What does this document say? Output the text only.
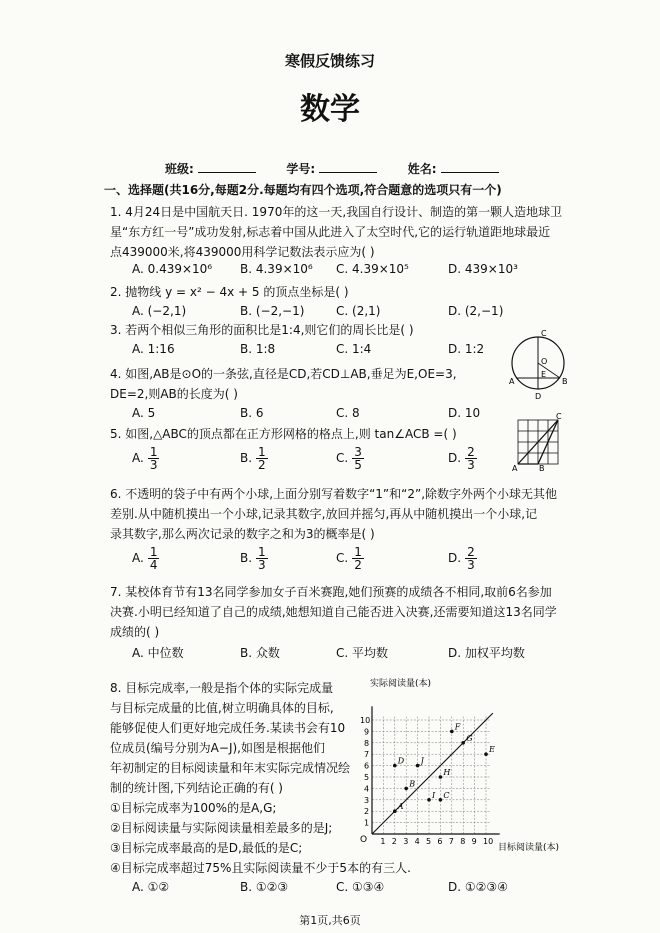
寒假反馈练习
数学
班级:	学号:	姓名:
一、选择题(共16分,每题2分.每题均有四个选项,符合题意的选项只有一个)
1. 4月24日是中国航天日. 1970年的这一天,我国自行设计、制造的第一颗人造地球卫
星“东方红一号”成功发射,标志着中国从此进入了太空时代,它的运行轨道距地球最近
点439000米,将439000用科学记数法表示应为( )
A. 0.439×10⁶ B. 4.39×10⁶ C. 4.39×10⁵	D. 439×10³
2. 抛物线 y = x² − 4x + 5 的顶点坐标是( )
A. (−2,1)	B. (−2,−1)	C. (2,1)	D. (2,−1)
3. 若两个相似三角形的面积比是1:4,则它们的周长比是( )
A. 1:16	B. 1:8	C. 1:4	D. 1:2
C
O
A
E
B
D
4. 如图,AB是⊙O的一条弦,直径是CD,若CD⊥AB,垂足为E,OE=3,
DE=2,则AB的长度为( )
A. 5	B. 6	C. 8	D. 10	C
A	B
5. 如图,△ABC的顶点都在正方形网格的格点上,则 tan∠ACB =( )
A. $\frac{1}{3}$	B. $\frac{1}{2}$	C. $\frac{3}{5}$	D. $\frac{2}{3}$
6. 不透明的袋子中有两个小球,上面分别写着数字“1”和“2”,除数字外两个小球无其他
差别.从中随机摸出一个小球,记录其数字,放回并摇匀,再从中随机摸出一个小球,记
录其数字,那么两次记录的数字之和为3的概率是( )
A. $\frac{1}{4}$	B. $\frac{1}{3}$	C. $\frac{1}{2}$	D. $\frac{2}{3}$
7. 某校体育节有13名同学参加女子百米赛跑,她们预赛的成绩各不相同,取前6名参加
决赛.小明已经知道了自己的成绩,她想知道自己能否进入决赛,还需要知道这13名同学
成绩的( )
A. 中位数	B. 众数	C. 平均数	D. 加权平均数
8. 目标完成率,一般是指个体的实际完成量
与目标完成量的比值,树立明确具体的目标,
能够促使人们更好地完成任务.某读书会有10
位成员(编号分别为A−J),如图是根据他们
年初制定的目标阅读量和年末实际完成情况绘
制的统计图,下列结论正确的有( )
①目标完成率为100%的是A,G;
②目标阅读量与实际阅读量相差最多的是J;
③目标完成率最高的是D,最低的是C;
④目标完成率超过75%且实际阅读量不少于5本的有三人.
A. ①②	B. ①②③	C. ①③④	D. ①②③④
1 2 3 4 5 6 7 8 9 10
1
2
3
4
5
6
7
8
9
10
A
B
C
D
E
F
G
H
I
J
实际阅读量(本)
目标阅读量(本)
O
第1页,共6页
